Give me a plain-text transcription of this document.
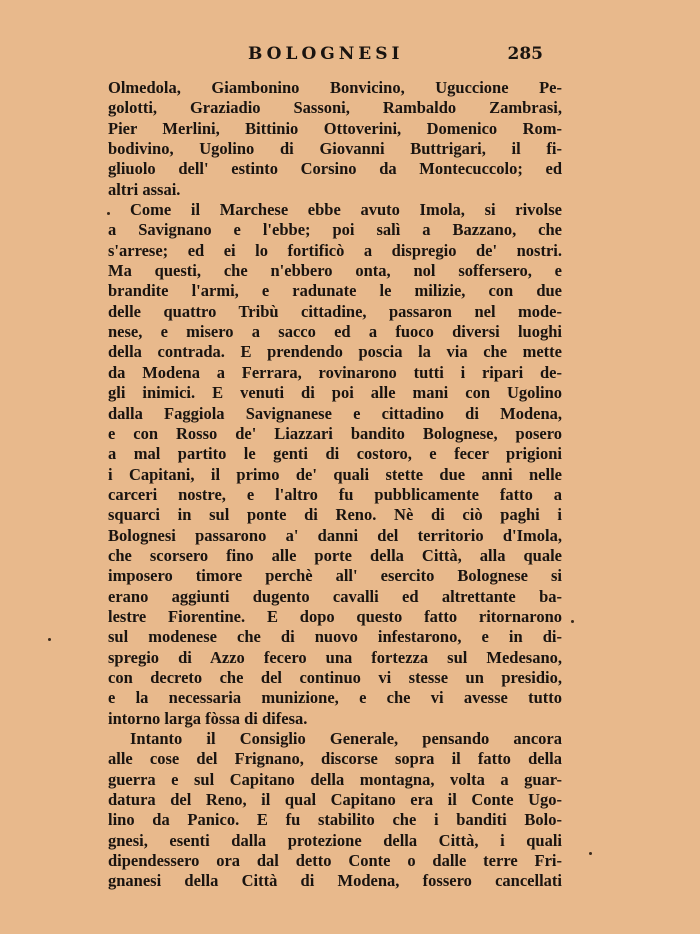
BOLOGNESI	285
Olmedola, Giambonino Bonvicino, Uguccione Pe-
golotti, Graziadio Sassoni, Rambaldo Zambrasi,
Pier Merlini, Bittinio Ottoverini, Domenico Rom-
bodivino, Ugolino di Giovanni Buttrigari, il fi-
gliuolo dell' estinto Corsino da Montecuccolo; ed
altri assai.
Come il Marchese ebbe avuto Imola, si rivolse
a Savignano e l'ebbe; poi salì a Bazzano, che
s'arrese; ed ei lo fortificò a dispregio de' nostri.
Ma questi, che n'ebbero onta, nol soffersero, e
brandite l'armi, e radunate le milizie, con due
delle quattro Tribù cittadine, passaron nel mode-
nese, e misero a sacco ed a fuoco diversi luoghi
della contrada. E prendendo poscia la via che mette
da Modena a Ferrara, rovinarono tutti i ripari de-
gli inimici. E venuti di poi alle mani con Ugolino
dalla Faggiola Savignanese e cittadino di Modena,
e con Rosso de' Liazzari bandito Bolognese, posero
a mal partito le genti di costoro, e fecer prigioni
i Capitani, il primo de' quali stette due anni nelle
carceri nostre, e l'altro fu pubblicamente fatto a
squarci in sul ponte di Reno. Nè di ciò paghi i
Bolognesi passarono a' danni del territorio d'Imola,
che scorsero fino alle porte della Città, alla quale
imposero timore perchè all' esercito Bolognese si
erano aggiunti dugento cavalli ed altrettante ba-
lestre Fiorentine. E dopo questo fatto ritornarono
sul modenese che di nuovo infestarono, e in di-
spregio di Azzo fecero una fortezza sul Medesano,
con decreto che del continuo vi stesse un presidio,
e la necessaria munizione, e che vi avesse tutto
intorno larga fòssa di difesa.
Intanto il Consiglio Generale, pensando ancora
alle cose del Frignano, discorse sopra il fatto della
guerra e sul Capitano della montagna, volta a guar-
datura del Reno, il qual Capitano era il Conte Ugo-
lino da Panico. E fu stabilito che i banditi Bolo-
gnesi, esenti dalla protezione della Città, i quali
dipendessero ora dal detto Conte o dalle terre Fri-
gnanesi della Città di Modena, fossero cancellati
